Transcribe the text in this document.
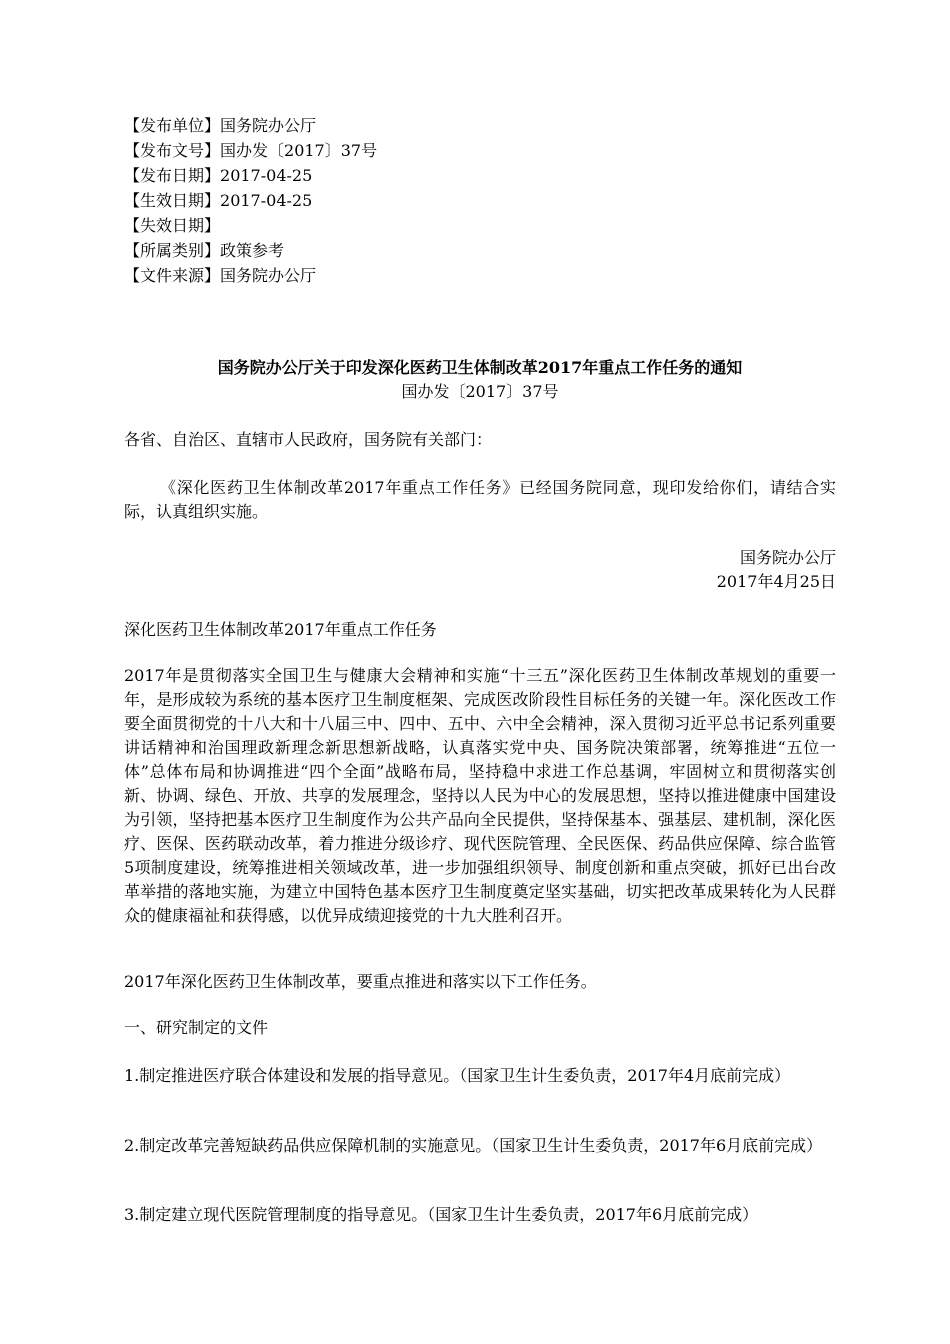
【发布单位】国务院办公厅
【发布文号】国办发〔2017〕37号
【发布日期】2017-04-25
【生效日期】2017-04-25
【失效日期】
【所属类别】政策参考
【文件来源】国务院办公厅
国务院办公厅关于印发深化医药卫生体制改革2017年重点工作任务的通知
国办发〔2017〕37号
各省、自治区、直辖市人民政府，国务院有关部门：
《深化医药卫生体制改革2017年重点工作任务》已经国务院同意，现印发给你们，请结合实际，认真组织实施。
国务院办公厅
2017年4月25日
深化医药卫生体制改革2017年重点工作任务
2017年是贯彻落实全国卫生与健康大会精神和实施“十三五”深化医药卫生体制改革规划的重要一年，是形成较为系统的基本医疗卫生制度框架、完成医改阶段性目标任务的关键一年。深化医改工作要全面贯彻党的十八大和十八届三中、四中、五中、六中全会精神，深入贯彻习近平总书记系列重要讲话精神和治国理政新理念新思想新战略，认真落实党中央、国务院决策部署，统筹推进“五位一体”总体布局和协调推进“四个全面”战略布局，坚持稳中求进工作总基调，牢固树立和贯彻落实创新、协调、绿色、开放、共享的发展理念，坚持以人民为中心的发展思想，坚持以推进健康中国建设为引领，坚持把基本医疗卫生制度作为公共产品向全民提供，坚持保基本、强基层、建机制，深化医疗、医保、医药联动改革，着力推进分级诊疗、现代医院管理、全民医保、药品供应保障、综合监管5项制度建设，统筹推进相关领域改革，进一步加强组织领导、制度创新和重点突破，抓好已出台改革举措的落地实施，为建立中国特色基本医疗卫生制度奠定坚实基础，切实把改革成果转化为人民群众的健康福祉和获得感，以优异成绩迎接党的十九大胜利召开。
2017年深化医药卫生体制改革，要重点推进和落实以下工作任务。
一、研究制定的文件
1.制定推进医疗联合体建设和发展的指导意见。（国家卫生计生委负责，2017年4月底前完成）
2.制定改革完善短缺药品供应保障机制的实施意见。（国家卫生计生委负责，2017年6月底前完成）
3.制定建立现代医院管理制度的指导意见。（国家卫生计生委负责，2017年6月底前完成）
